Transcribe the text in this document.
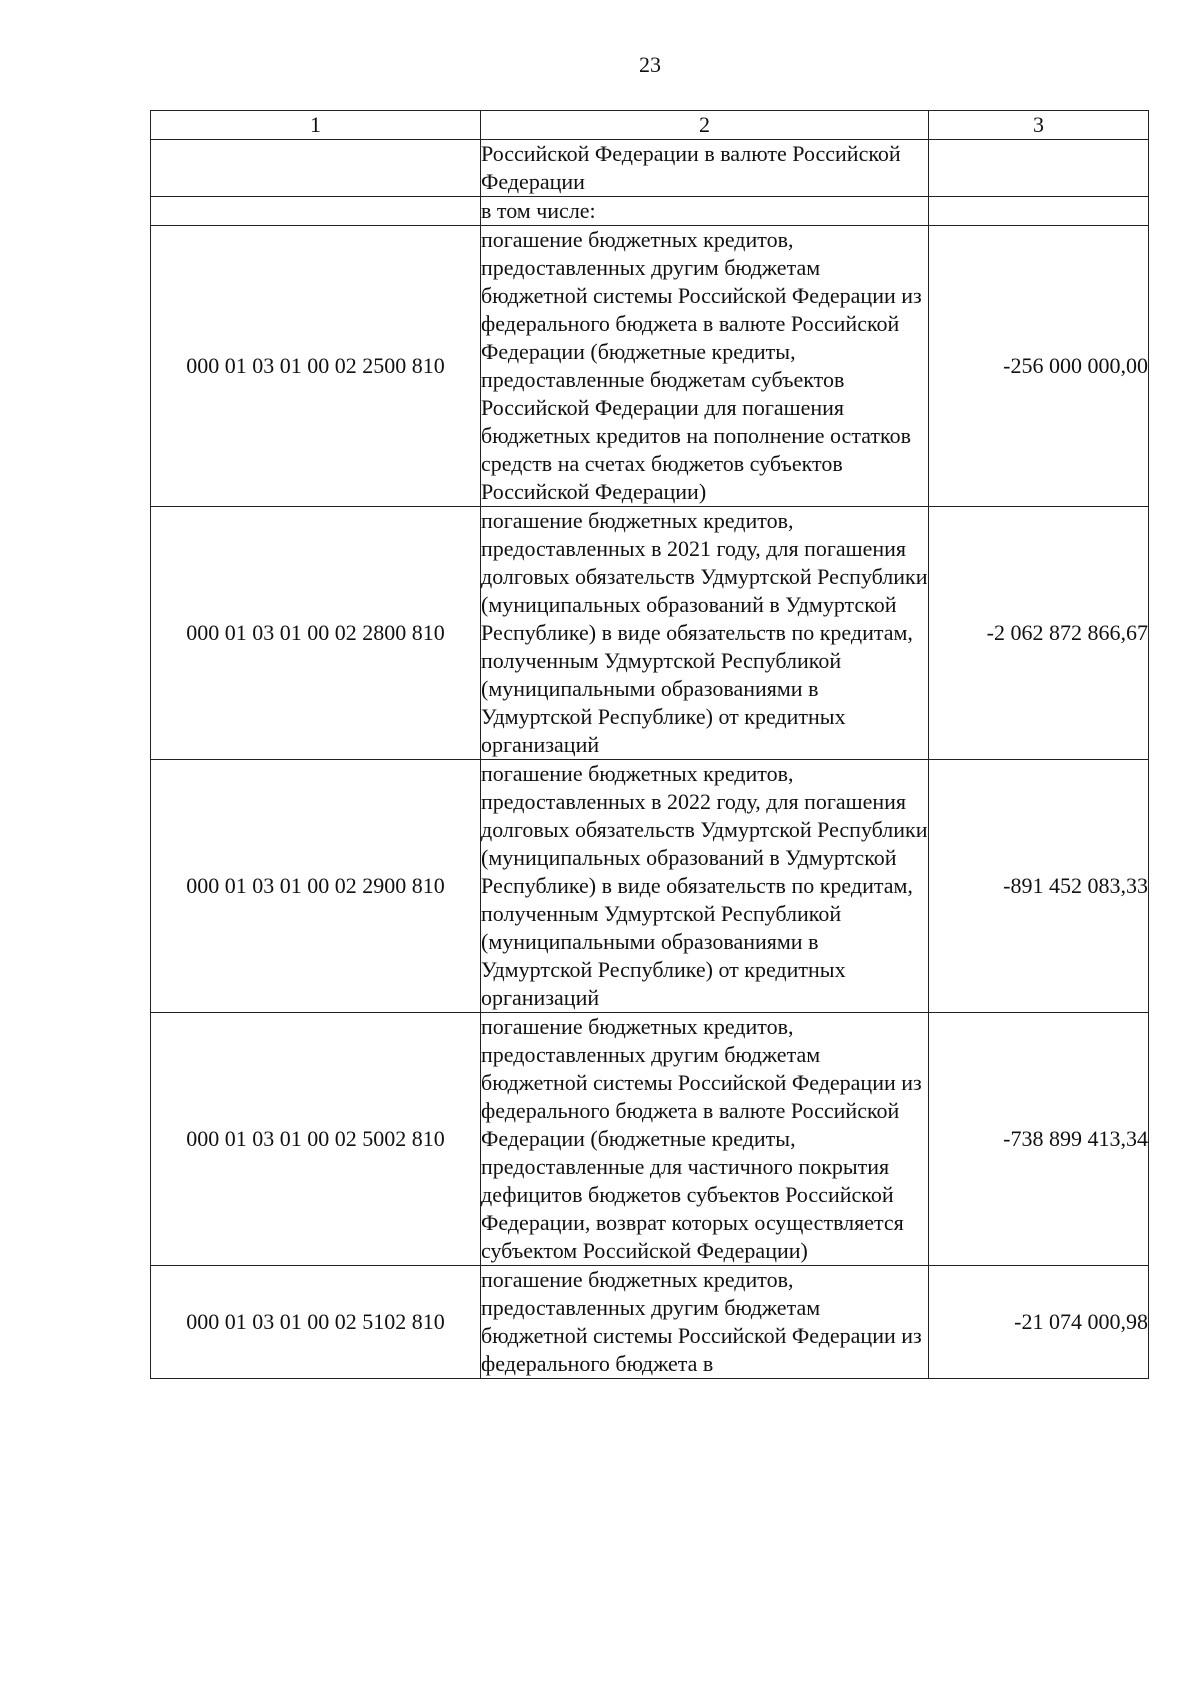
23
1	2	3
	Российской Федерации в валюте Российской Федерации	
	в том числе:	
000 01 03 01 00 02 2500 810	погашение бюджетных кредитов, предоставленных другим бюджетам бюджетной системы Российской Федерации из федерального бюджета в валюте Российской Федерации (бюджетные кредиты, предоставленные бюджетам субъектов Российской Федерации для погашения бюджетных кредитов на пополнение остатков средств на счетах бюджетов субъектов Российской Федерации)	-256 000 000,00
000 01 03 01 00 02 2800 810	погашение бюджетных кредитов, предоставленных в 2021 году, для погашения долговых обязательств Удмуртской Республики (муниципальных образований в Удмуртской Республике) в виде обязательств по кредитам, полученным Удмуртской Республикой (муниципальными образованиями в Удмуртской Республике) от кредитных организаций	-2 062 872 866,67
000 01 03 01 00 02 2900 810	погашение бюджетных кредитов, предоставленных в 2022 году, для погашения долговых обязательств Удмуртской Республики (муниципальных образований в Удмуртской Республике) в виде обязательств по кредитам, полученным Удмуртской Республикой (муниципальными образованиями в Удмуртской Республике) от кредитных организаций	-891 452 083,33
000 01 03 01 00 02 5002 810	погашение бюджетных кредитов, предоставленных другим бюджетам бюджетной системы Российской Федерации из федерального бюджета в валюте Российской Федерации (бюджетные кредиты, предоставленные для частичного покрытия дефицитов бюджетов субъектов Российской Федерации, возврат которых осуществляется субъектом Российской Федерации)	-738 899 413,34
000 01 03 01 00 02 5102 810	погашение бюджетных кредитов, предоставленных другим бюджетам бюджетной системы Российской Федерации из федерального бюджета в	-21 074 000,98
